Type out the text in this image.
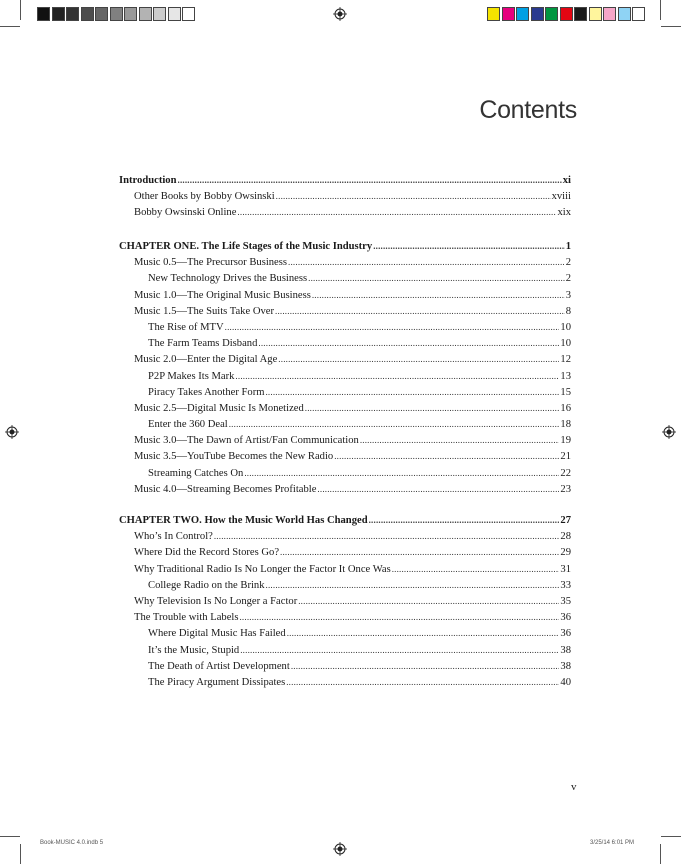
Contents
Introduction .....	xi
Other Books by Bobby Owsinski .....	xviii
Bobby Owsinski Online .....	xix
CHAPTER ONE. The Life Stages of the Music Industry .....	1
Music 0.5—The Precursor Business .....	2
New Technology Drives the Business .....	2
Music 1.0—The Original Music Business .....	3
Music 1.5—The Suits Take Over .....	8
The Rise of MTV .....	10
The Farm Teams Disband .....	10
Music 2.0—Enter the Digital Age .....	12
P2P Makes Its Mark .....	13
Piracy Takes Another Form .....	15
Music 2.5—Digital Music Is Monetized .....	16
Enter the 360 Deal .....	18
Music 3.0—The Dawn of Artist/Fan Communication .....	19
Music 3.5—YouTube Becomes the New Radio .....	21
Streaming Catches On .....	22
Music 4.0—Streaming Becomes Profitable .....	23
CHAPTER TWO. How the Music World Has Changed .....	27
Who’s In Control? .....	28
Where Did the Record Stores Go? .....	29
Why Traditional Radio Is No Longer the Factor It Once Was .....	31
College Radio on the Brink .....	33
Why Television Is No Longer a Factor .....	35
The Trouble with Labels .....	36
Where Digital Music Has Failed .....	36
It’s the Music, Stupid .....	38
The Death of Artist Development .....	38
The Piracy Argument Dissipates .....	40
v
Book-MUSIC 4.0.indb 5	3/25/14 6:01 PM
